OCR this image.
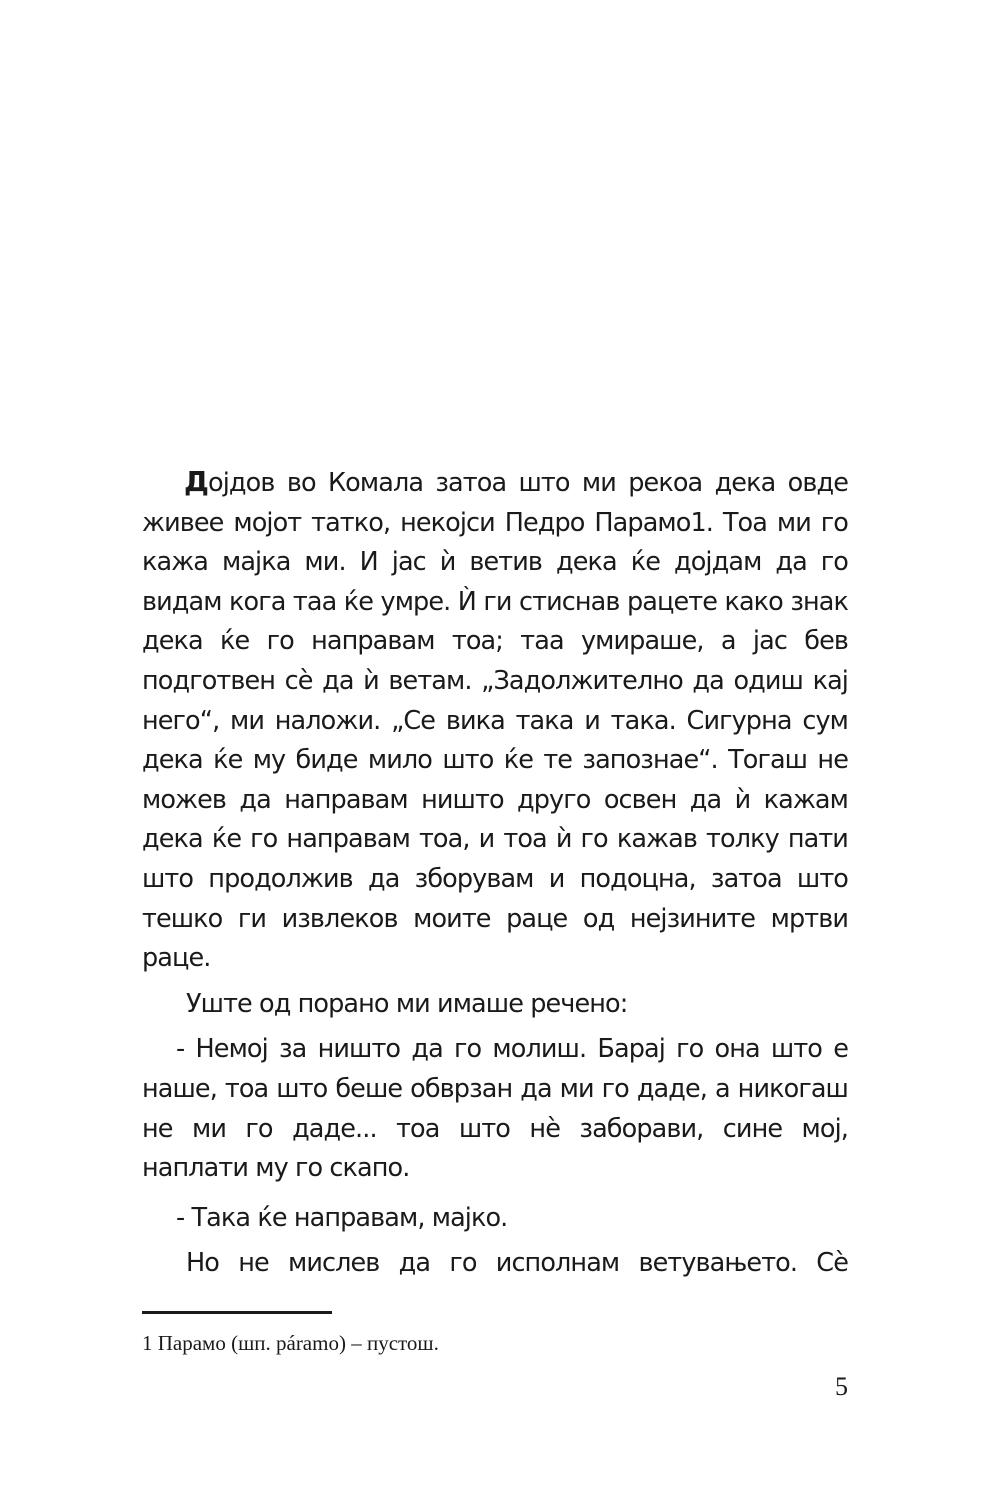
Дојдов во Комала затоа што ми рекоа дека овде живее мојот татко, некојси Педро Парамо1. Тоа ми го кажа мајка ми. И јас ѝ ветив дека ќе дојдам да го видам кога таа ќе умре. Ѝ ги стиснав рацете како знак дека ќе го направам тоа; таа умираше, а јас бев подготвен сѐ да ѝ ветам. „Задолжително да одиш кај него“, ми наложи. „Се вика така и така. Сигурна сум дека ќе му биде мило што ќе те запознае“. Тогаш не можев да направам ништо друго освен да ѝ кажам дека ќе го направам тоа, и тоа ѝ го кажав толку пати што продолжив да зборувам и подоцна, затоа што тешко ги извлеков моите раце од нејзините мртви раце.

Уште од порано ми имаше речено:

- Немој за ништо да го молиш. Барај го она што е наше, тоа што беше обврзан да ми го даде, а никогаш не ми го даде... тоа што нѐ заборави, сине мој, наплати му го скапо.

- Така ќе направам, мајко.

Но не мислев да го исполнам ветувањето. Сѐ

1 Парамо (шп. páramo) – пустош.
5
